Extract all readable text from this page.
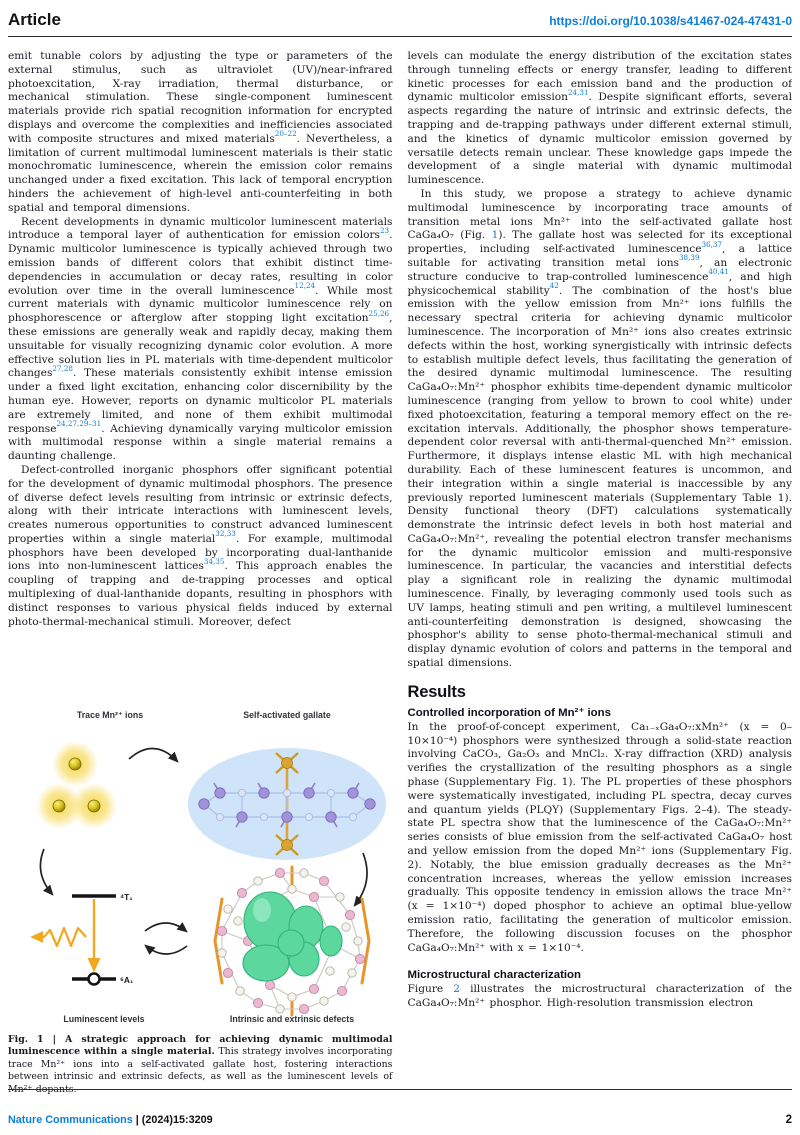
Article	https://doi.org/10.1038/s41467-024-47431-0

emit tunable colors by adjusting the type or parameters of the external stimulus, such as ultraviolet (UV)/near-infrared photoexcitation, X-ray irradiation, thermal disturbance, or mechanical stimulation. These single-component luminescent materials provide rich spatial recognition information for encrypted displays and overcome the complexities and inefficiencies associated with composite structures and mixed materials$^{20-22}$. Nevertheless, a limitation of current multimodal luminescent materials is their static monochromatic luminescence, wherein the emission color remains unchanged under a fixed excitation. This lack of temporal encryption hinders the achievement of high-level anti-counterfeiting in both spatial and temporal dimensions.

Recent developments in dynamic multicolor luminescent materials introduce a temporal layer of authentication for emission colors$^{23}$. Dynamic multicolor luminescence is typically achieved through two emission bands of different colors that exhibit distinct time-dependencies in accumulation or decay rates, resulting in color evolution over time in the overall luminescence$^{12,24}$. While most current materials with dynamic multicolor luminescence rely on phosphorescence or afterglow after stopping light excitation$^{25,26}$, these emissions are generally weak and rapidly decay, making them unsuitable for visually recognizing dynamic color evolution. A more effective solution lies in PL materials with time-dependent multicolor changes$^{27,28}$. These materials consistently exhibit intense emission under a fixed light excitation, enhancing color discernibility by the human eye. However, reports on dynamic multicolor PL materials are extremely limited, and none of them exhibit multimodal response$^{24,27,29-31}$. Achieving dynamically varying multicolor emission with multimodal response within a single material remains a daunting challenge.

Defect-controlled inorganic phosphors offer significant potential for the development of dynamic multimodal phosphors. The presence of diverse defect levels resulting from intrinsic or extrinsic defects, along with their intricate interactions with luminescent levels, creates numerous opportunities to construct advanced luminescent properties within a single material$^{32,33}$. For example, multimodal phosphors have been developed by incorporating dual-lanthanide ions into non-luminescent lattices$^{34,35}$. This approach enables the coupling of trapping and de-trapping processes and optical multiplexing of dual-lanthanide dopants, resulting in phosphors with distinct responses to various physical fields induced by external photo-thermal-mechanical stimuli. Moreover, defect

Trace Mn²⁺ ions	Self-activated gallate
⁴T₁
⁶A₁
Luminescent levels	Intrinsic and extrinsic defects
Fig. 1 | A strategic approach for achieving dynamic multimodal luminescence within a single material. This strategy involves incorporating trace Mn²⁺ ions into a self-activated gallate host, fostering interactions between intrinsic and extrinsic defects, as well as the luminescent levels of Mn²⁺ dopants.

levels can modulate the energy distribution of the excitation states through tunneling effects or energy transfer, leading to different kinetic processes for each emission band and the production of dynamic multicolor emission$^{24,31}$. Despite significant efforts, several aspects regarding the nature of intrinsic and extrinsic defects, the trapping and de-trapping pathways under different external stimuli, and the kinetics of dynamic multicolor emission governed by versatile detects remain unclear. These knowledge gaps impede the development of a single material with dynamic multimodal luminescence.

In this study, we propose a strategy to achieve dynamic multimodal luminescence by incorporating trace amounts of transition metal ions Mn²⁺ into the self-activated gallate host CaGa₄O₇ (Fig. 1). The gallate host was selected for its exceptional properties, including self-activated luminescence$^{36,37}$, a lattice suitable for activating transition metal ions$^{38,39}$, an electronic structure conducive to trap-controlled luminescence$^{40,41}$, and high physicochemical stability$^{42}$. The combination of the host's blue emission with the yellow emission from Mn²⁺ ions fulfills the necessary spectral criteria for achieving dynamic multicolor luminescence. The incorporation of Mn²⁺ ions also creates extrinsic defects within the host, working synergistically with intrinsic defects to establish multiple defect levels, thus facilitating the generation of the desired dynamic multimodal luminescence. The resulting CaGa₄O₇:Mn²⁺ phosphor exhibits time-dependent dynamic multicolor luminescence (ranging from yellow to brown to cool white) under fixed photoexcitation, featuring a temporal memory effect on the re-excitation intervals. Additionally, the phosphor shows temperature-dependent color reversal with anti-thermal-quenched Mn²⁺ emission. Furthermore, it displays intense elastic ML with high mechanical durability. Each of these luminescent features is uncommon, and their integration within a single material is inaccessible by any previously reported luminescent materials (Supplementary Table 1). Density functional theory (DFT) calculations systematically demonstrate the intrinsic defect levels in both host material and CaGa₄O₇:Mn²⁺, revealing the potential electron transfer mechanisms for the dynamic multicolor emission and multi-responsive luminescence. In particular, the vacancies and interstitial defects play a significant role in realizing the dynamic multimodal luminescence. Finally, by leveraging commonly used tools such as UV lamps, heating stimuli and pen writing, a multilevel luminescent anti-counterfeiting demonstration is designed, showcasing the phosphor's ability to sense photo-thermal-mechanical stimuli and display dynamic evolution of colors and patterns in the temporal and spatial dimensions.

Results
Controlled incorporation of Mn²⁺ ions

In the proof-of-concept experiment, Ca₁₋ₓGa₄O₇:xMn²⁺ (x = 0–10×10⁻⁴) phosphors were synthesized through a solid-state reaction involving CaCO₃, Ga₂O₃ and MnCl₂. X-ray diffraction (XRD) analysis verifies the crystallization of the resulting phosphors as a single phase (Supplementary Fig. 1). The PL properties of these phosphors were systematically investigated, including PL spectra, decay curves and quantum yields (PLQY) (Supplementary Figs. 2–4). The steady-state PL spectra show that the luminescence of the CaGa₄O₇:Mn²⁺ series consists of blue emission from the self-activated CaGa₄O₇ host and yellow emission from the doped Mn²⁺ ions (Supplementary Fig. 2). Notably, the blue emission gradually decreases as the Mn²⁺ concentration increases, whereas the yellow emission increases gradually. This opposite tendency in emission allows the trace Mn²⁺ (x = 1×10⁻⁴) doped phosphor to achieve an optimal blue-yellow emission ratio, facilitating the generation of multicolor emission. Therefore, the following discussion focuses on the phosphor CaGa₄O₇:Mn²⁺ with x = 1×10⁻⁴.

Microstructural characterization

Figure 2 illustrates the microstructural characterization of the CaGa₄O₇:Mn²⁺ phosphor. High-resolution transmission electron

Nature Communications | (2024)15:3209	2
